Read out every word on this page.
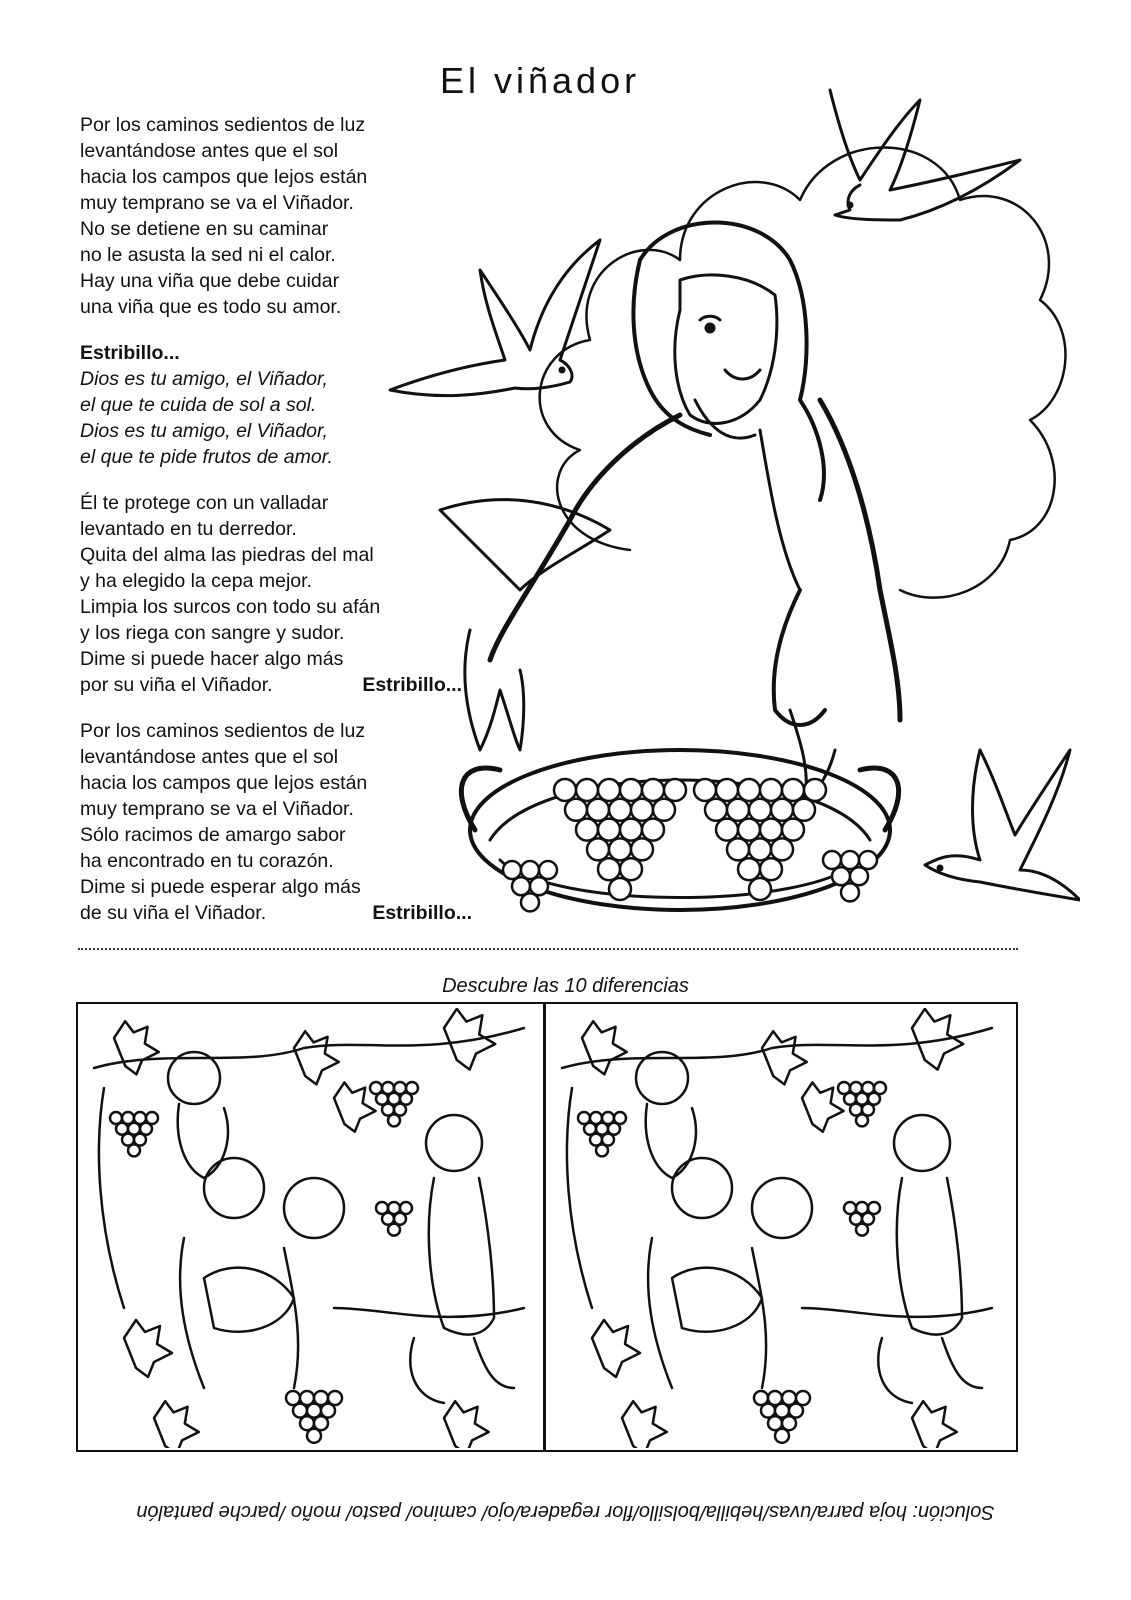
El viñador
Por los caminos sedientos de luz
levantándose antes que el sol
hacia los campos que lejos están
muy temprano se va el Viñador.
No se detiene en su caminar
no le asusta la sed ni el calor.
Hay una viña que debe cuidar
una viña que es todo su amor.
Estribillo...
Dios es tu amigo, el Viñador,
el que te cuida de sol a sol.
Dios es tu amigo, el Viñador,
el que te pide frutos de amor.
Él te protege con un valladar
levantado en tu derredor.
Quita del alma las piedras del mal
y ha elegido la cepa mejor.
Limpia los surcos con todo su afán
y los riega con sangre y sudor.
Dime si puede hacer algo más
por su viña el Viñador.	Estribillo...
Por los caminos sedientos de luz
levantándose antes que el sol
hacia los campos que lejos están
muy temprano se va el Viñador.
Sólo racimos de amargo sabor
ha encontrado en tu corazón.
Dime si puede esperar algo más
de su viña el Viñador.	Estribillo...
Descubre las 10 diferencias
Solución: hoja parra/uvas/hebilla/bolsillo/flor regadera/ojo/ camino/ pasto/ moño /parche pantalón
